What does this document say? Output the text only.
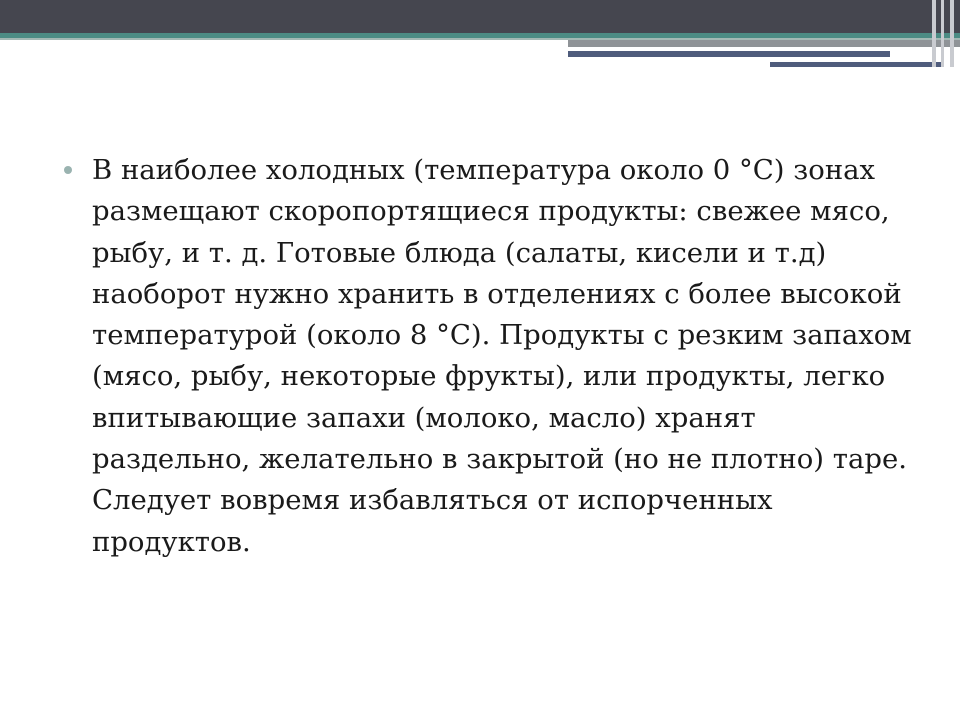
В наиболее холодных (температура около 0 °С) зонах размещают скоропортящиеся продукты: свежее мясо, рыбу, и т. д. Готовые блюда (салаты, кисели и т.д) наоборот нужно хранить в отделениях с более высокой температурой (около 8 °С). Продукты с резким запахом (мясо, рыбу, некоторые фрукты), или продукты, легко впитывающие запахи (молоко, масло) хранят раздельно, желательно в закрытой (но не плотно) таре. Следует вовремя избавляться от испорченных продуктов.
